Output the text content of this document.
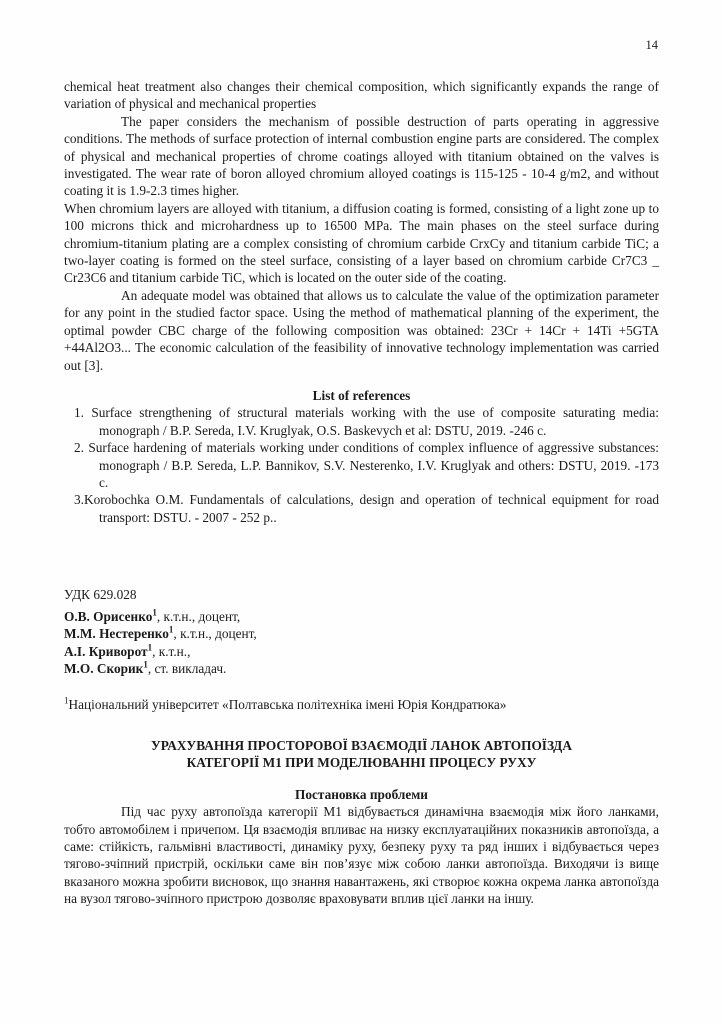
14

chemical heat treatment also changes their chemical composition, which significantly expands the range of variation of physical and mechanical properties

The paper considers the mechanism of possible destruction of parts operating in aggressive conditions. The methods of surface protection of internal combustion engine parts are considered. The complex of physical and mechanical properties of chrome coatings alloyed with titanium obtained on the valves is investigated. The wear rate of boron alloyed chromium alloyed coatings is 115-125 - 10-4 g/m2, and without coating it is 1.9-2.3 times higher.

When chromium layers are alloyed with titanium, a diffusion coating is formed, consisting of a light zone up to 100 microns thick and microhardness up to 16500 MPa. The main phases on the steel surface during chromium-titanium plating are a complex consisting of chromium carbide CrxCy and titanium carbide TiC; a two-layer coating is formed on the steel surface, consisting of a layer based on chromium carbide Cr7C3 _ Cr23C6 and titanium carbide TiC, which is located on the outer side of the coating.

An adequate model was obtained that allows us to calculate the value of the optimization parameter for any point in the studied factor space. Using the method of mathematical planning of the experiment, the optimal powder CBC charge of the following composition was obtained: 23Cr + 14Cr + 14Ti +5GTA +44Al2O3... The economic calculation of the feasibility of innovative technology implementation was carried out [3].

List of references
1. Surface strengthening of structural materials working with the use of composite saturating media: monograph / B.P. Sereda, I.V. Kruglyak, O.S. Baskevych et al: DSTU, 2019. -246 c.
2. Surface hardening of materials working under conditions of complex influence of aggressive substances: monograph / B.P. Sereda, L.P. Bannikov, S.V. Nesterenko, I.V. Kruglyak and others: DSTU, 2019. -173 c.
3.Korobochka O.M. Fundamentals of calculations, design and operation of technical equipment for road transport: DSTU. - 2007 - 252 p..
УДК 629.028
О.В. Орисенко$^1$, к.т.н., доцент,
М.М. Нестеренко$^1$, к.т.н., доцент,
А.І. Криворот$^1$, к.т.н.,
М.О. Скорик$^1$, ст. викладач.
$^1$Національний університет «Полтавська політехніка імені Юрія Кондратюка»
УРАХУВАННЯ ПРОСТОРОВОЇ ВЗАЄМОДІЇ ЛАНОК АВТОПОЇЗДА
КАТЕГОРІЇ М1 ПРИ МОДЕЛЮВАННІ ПРОЦЕСУ РУХУ
Постановка проблеми

Під час руху автопоїзда категорії М1 відбувається динамічна взаємодія між його ланками, тобто автомобілем і причепом. Ця взаємодія впливає на низку експлуатаційних показників автопоїзда, а саме: стійкість, гальмівні властивості, динаміку руху, безпеку руху та ряд інших і відбувається через тягово-зчіпний пристрій, оскільки саме він пов’язує між собою ланки автопоїзда. Виходячи із вище вказаного можна зробити висновок, що знання навантажень, які створює кожна окрема ланка автопоїзда на вузол тягово-зчіпного пристрою дозволяє враховувати вплив цієї ланки на іншу.
